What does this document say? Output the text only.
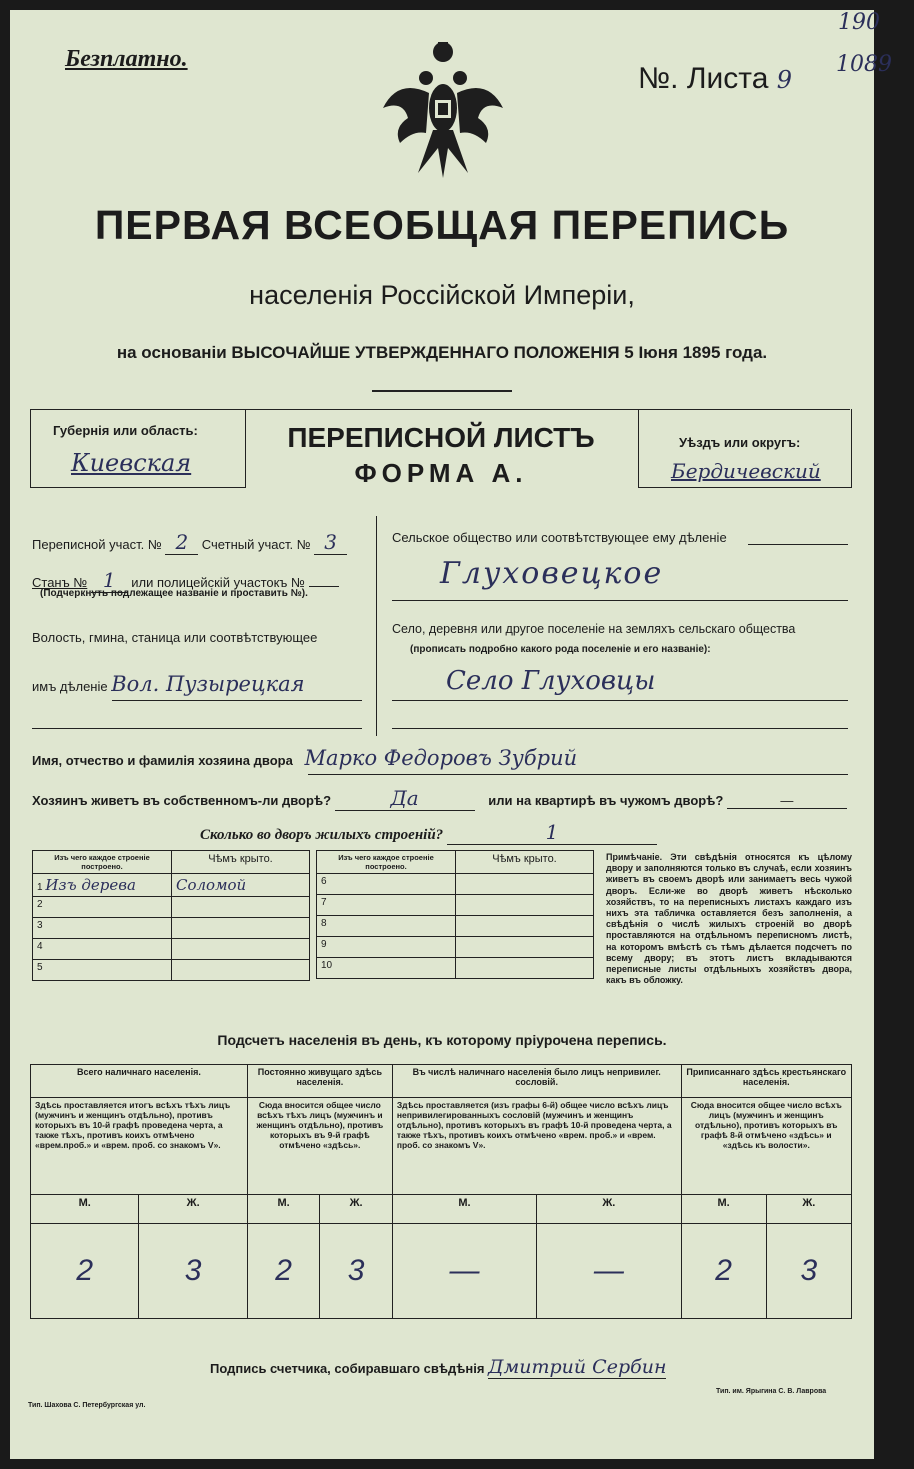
Безплатно.
№. Листа 9
190
1089
ПЕРВАЯ ВСЕОБЩАЯ ПЕРЕПИСЬ
населенія Россійской Имперіи,
на основаніи ВЫСОЧАЙШЕ УТВЕРЖДЕННАГО ПОЛОЖЕНІЯ 5 Іюня 1895 года.
Губернія или область:
Киевская
ПЕРЕПИСНОЙ ЛИСТЪ
ФОРМА А.
Уѣздъ или округъ:
Бердичевский
Переписной участ. № 2 Счетный участ. № 3
Станъ № 1 или полицейскій участокъ №
(Подчеркнуть подлежащее названіе и проставить №).
Волость, гмина, станица или соотвѣтствующее
имъ дѣленіе Вол. Пузырецкая
Сельское общество или соотвѣтствующее ему дѣленіе
Глуховецкое
Село, деревня или другое поселеніе на земляхъ сельскаго общества
(прописать подробно какого рода поселеніе и его названіе):
Село Глуховцы
Имя, отчество и фамилія хозяина двора Марко Федоровъ Зубрий
Хозяинъ живетъ въ собственномъ-ли дворѣ?	Да	или на квартирѣ въ чужомъ дворѣ?	—
Сколько во дворъ жилыхъ строеній?	1
Изъ чего каждое строеніе построено.	Чѣмъ крыто.
1 Изъ дерева	Соломой
2	
3	
4	
5	
Изъ чего каждое строеніе построено.	Чѣмъ крыто.
6	
7	
8	
9	
10	
Примѣчаніе. Эти свѣдѣнія относятся къ цѣлому двору и заполняются только въ случаѣ, если хозяинъ живетъ въ своемъ дворѣ или занимаетъ весь чужой дворъ. Если-же во дворѣ живетъ нѣсколько хозяйствъ, то на переписныхъ листахъ каждаго изъ нихъ эта табличка оставляется безъ заполненія, а свѣдѣнія о числѣ жилыхъ строеній во дворѣ проставляются на отдѣльномъ переписномъ листѣ, на которомъ вмѣстѣ съ тѣмъ дѣлается подсчетъ по всему двору; въ этотъ листъ вкладываются переписные листы отдѣльныхъ хозяйствъ двора, какъ въ обложку.
Подсчетъ населенія въ день, къ которому пріурочена перепись.
Всего наличнаго населенія.		Постоянно живущаго здѣсь населенія.		Въ числѣ наличнаго населенія было лицъ непривилег. сословій.		Приписаннаго здѣсь крестьянскаго населенія.	
Здѣсь проставляется итогъ всѣхъ тѣхъ лицъ (мужчинъ и женщинъ отдѣльно), противъ которыхъ въ 10-й графѣ проведена черта, а также тѣхъ, противъ коихъ отмѣчено «врем.проб.» и «врем. проб. со знакомъ V».		Сюда вносится общее число всѣхъ тѣхъ лицъ (мужчинъ и женщинъ отдѣльно), противъ которыхъ въ 9-й графѣ отмѣчено «здѣсь».		Здѣсь проставляется (изъ графы 6-й) общее число всѣхъ лицъ непривилегированныхъ сословій (мужчинъ и женщинъ отдѣльно), противъ которыхъ въ графѣ 10-й проведена черта, а также тѣхъ, противъ коихъ отмѣчено «врем. проб.» и «врем. проб. со знакомъ V».		Сюда вносится общее число всѣхъ лицъ (мужчинъ и женщинъ отдѣльно), противъ которыхъ въ графѣ 8-й отмѣчено «здѣсь» и «здѣсь къ волости».	
М.	Ж.	М.	Ж.	М.	Ж.	М.	Ж.
2	3	2	3	—	—	2	3
Подпись счетчика, собиравшаго свѣдѣнія Дмитрий Сербин
Тип. Шахова С. Петербургская ул.
Тип. им. Ярыгина С. В. Лаврова
